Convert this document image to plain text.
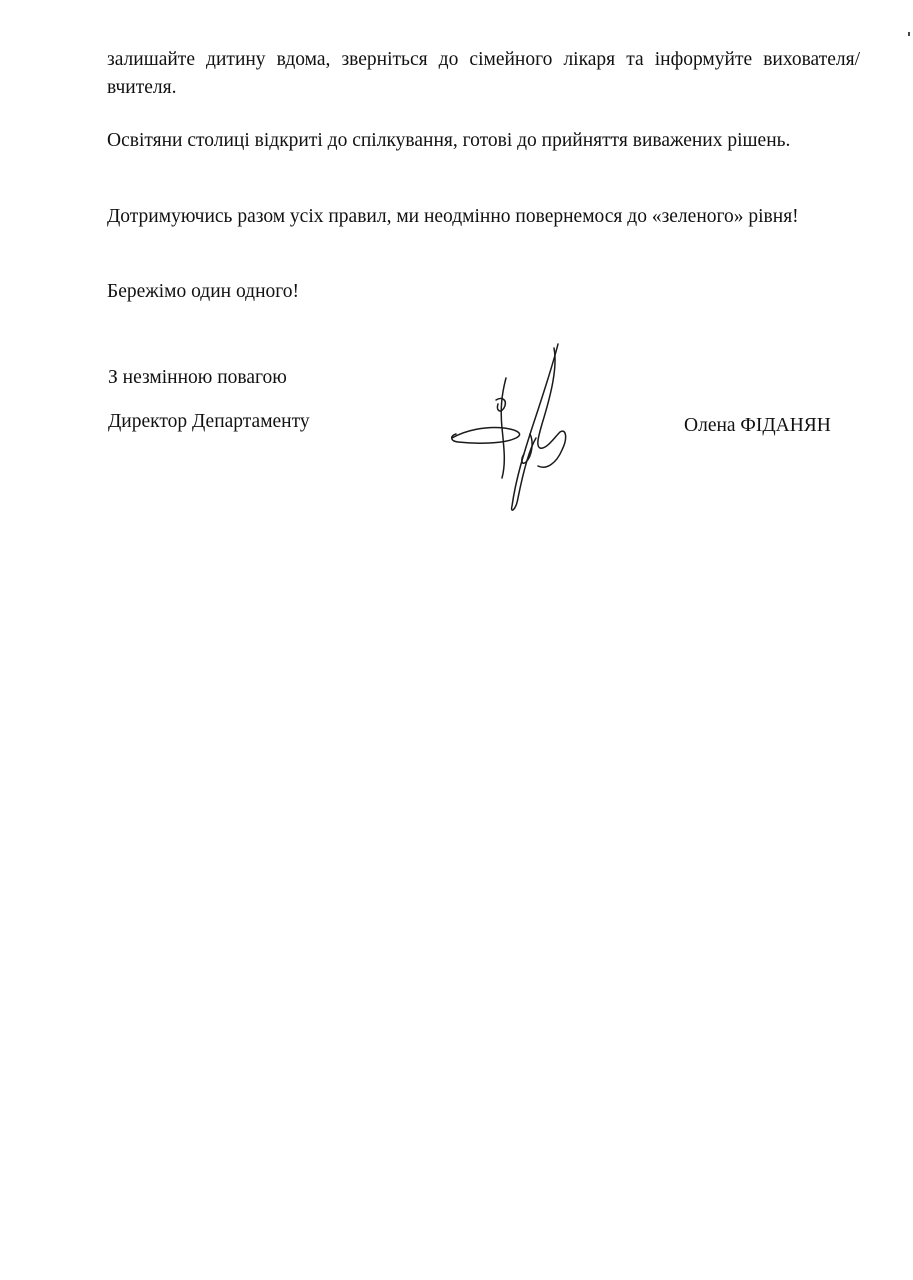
залишайте дитину вдома, зверніться до сімейного лікаря та інформуйте вихователя/вчителя.

Освітяни столиці відкриті до спілкування, готові до прийняття виважених рішень.

Дотримуючись разом усіх правил, ми неодмінно повернемося до «зеленого» рівня!

Бережімо один одного!

З незмінною повагою

Директор Департаменту	Олена ФІДАНЯН
